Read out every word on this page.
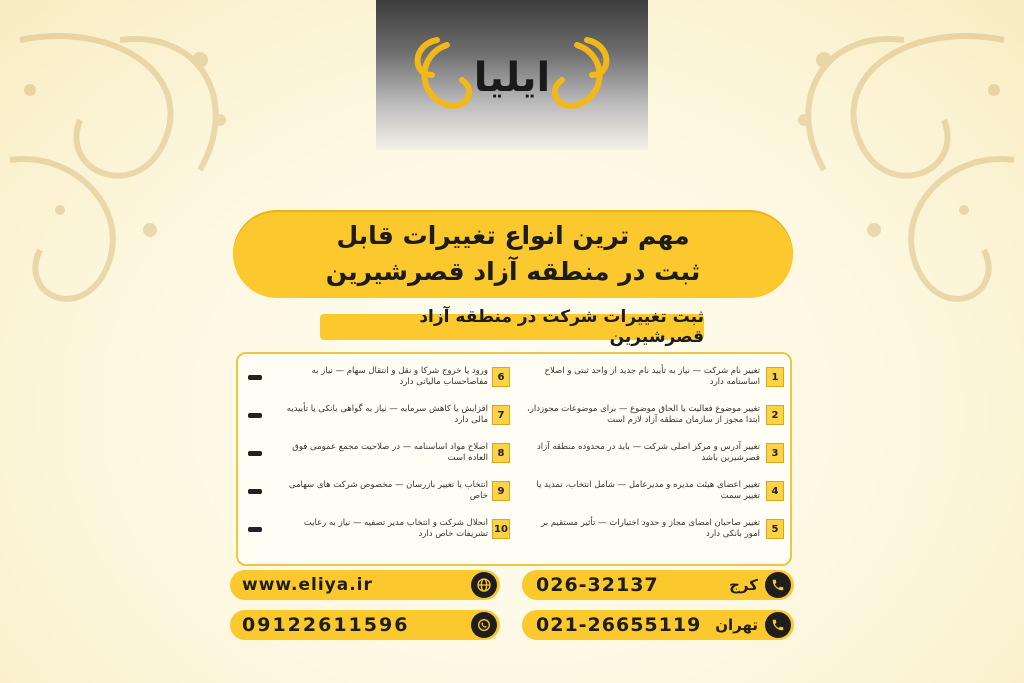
ایلیا
مهم ترین انواع تغییرات قابل
ثبت در منطقه آزاد قصرشیرین
ثبت تغییرات شرکت در منطقه آزاد قصرشیرین
1
تغییر نام شرکت — نیاز به تأیید نام جدید از واحد ثبتی و اصلاح اساسنامه دارد
2
تغییر موضوع فعالیت یا الحاق موضوع — برای موضوعات مجوزدار، ابتدا مجوز از سازمان منطقه آزاد لازم است
3
تغییر آدرس و مرکز اصلی شرکت — باید در محدوده منطقه آزاد قصرشیرین باشد
4
تغییر اعضای هیئت مدیره و مدیرعامل — شامل انتخاب، تمدید یا تغییر سمت
5
تغییر صاحبان امضای مجاز و حدود اختیارات — تأثیر مستقیم بر امور بانکی دارد
6
ورود یا خروج شرکا و نقل و انتقال سهام — نیاز به مفاصاحساب مالیاتی دارد
7
افزایش یا کاهش سرمایه — نیاز به گواهی بانکی یا تأییدیه مالی دارد
8
اصلاح مواد اساسنامه — در صلاحیت مجمع عمومی فوق العاده است
9
انتخاب یا تغییر بازرسان — مخصوص شرکت های سهامی خاص
10
انحلال شرکت و انتخاب مدیر تصفیه — نیاز به رعایت تشریفات خاص دارد
026-32137	کرج
021-26655119 تهران
www.eliya.ir
09122611596
